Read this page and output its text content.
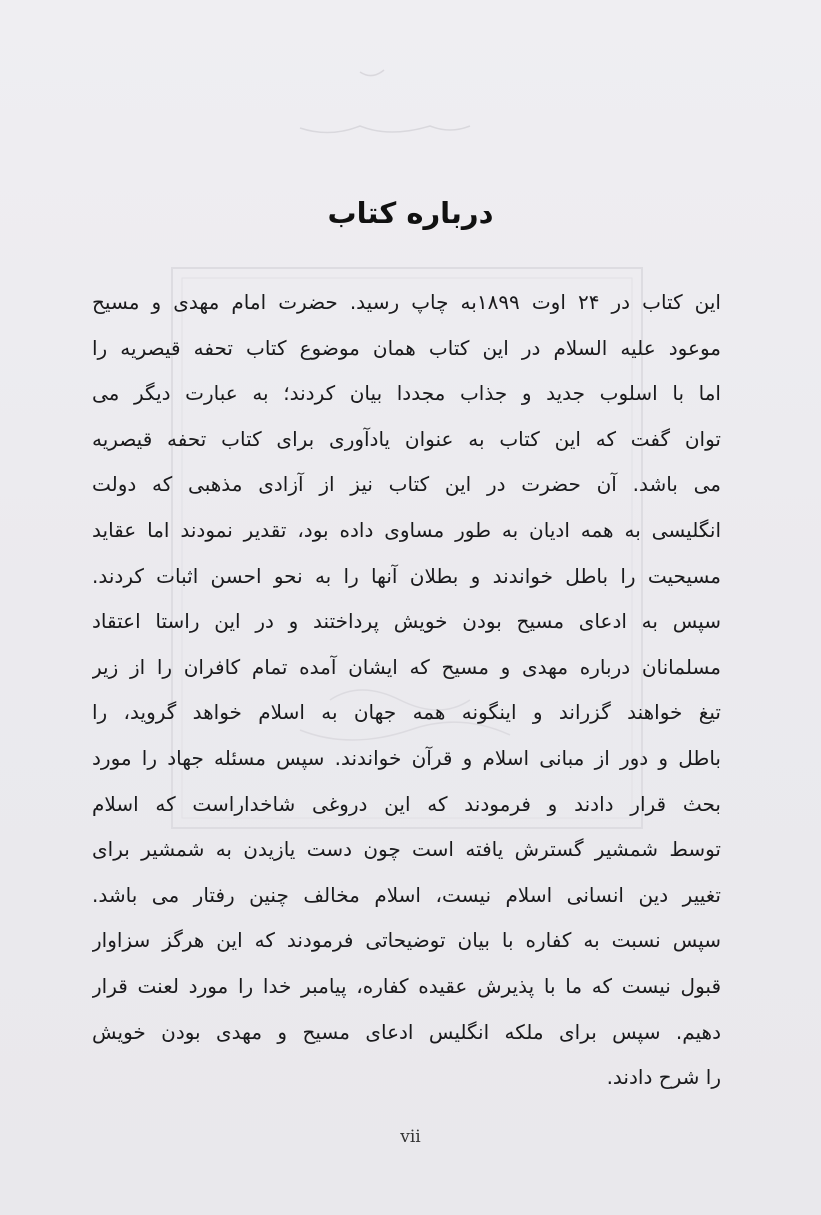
درباره کتاب
این کتاب در ۲۴ اوت ۱۸۹۹به چاپ رسید. حضرت امام مهدی و مسیح
موعود علیه السلام در این کتاب همان موضوع کتاب تحفه قیصریه را
اما با اسلوب جدید و جذاب مجددا بیان کردند؛ به عبارت دیگر می
توان گفت که این کتاب به عنوان یادآوری برای کتاب تحفه قیصریه
می باشد. آن حضرت در این کتاب نیز از آزادی مذهبی که دولت
انگلیسی به همه ادیان به طور مساوی داده بود، تقدیر نمودند اما عقاید
مسیحیت را باطل خواندند و بطلان آنها را به نحو احسن اثبات کردند.
سپس به ادعای مسیح بودن خویش پرداختند و در این راستا اعتقاد
مسلمانان درباره مهدی و مسیح که ایشان آمده تمام کافران را از زیر
تیغ خواهند گزراند و اینگونه همه جهان به اسلام خواهد گروید، را
باطل و دور از مبانی اسلام و قرآن خواندند. سپس مسئله جهاد را مورد
بحث قرار دادند و فرمودند که این دروغی شاخداراست که اسلام
توسط شمشیر گسترش یافته است چون دست یازیدن به شمشیر برای
تغییر دین انسانی اسلام نیست، اسلام مخالف چنین رفتار می باشد.
سپس نسبت به کفاره با بیان توضیحاتی فرمودند که این هرگز سزاوار
قبول نیست که ما با پذیرش عقیده کفاره، پیامبر خدا را مورد لعنت قرار
دهیم. سپس برای ملکه انگلیس ادعای مسیح و مهدی بودن خویش
را شرح دادند.
vii
